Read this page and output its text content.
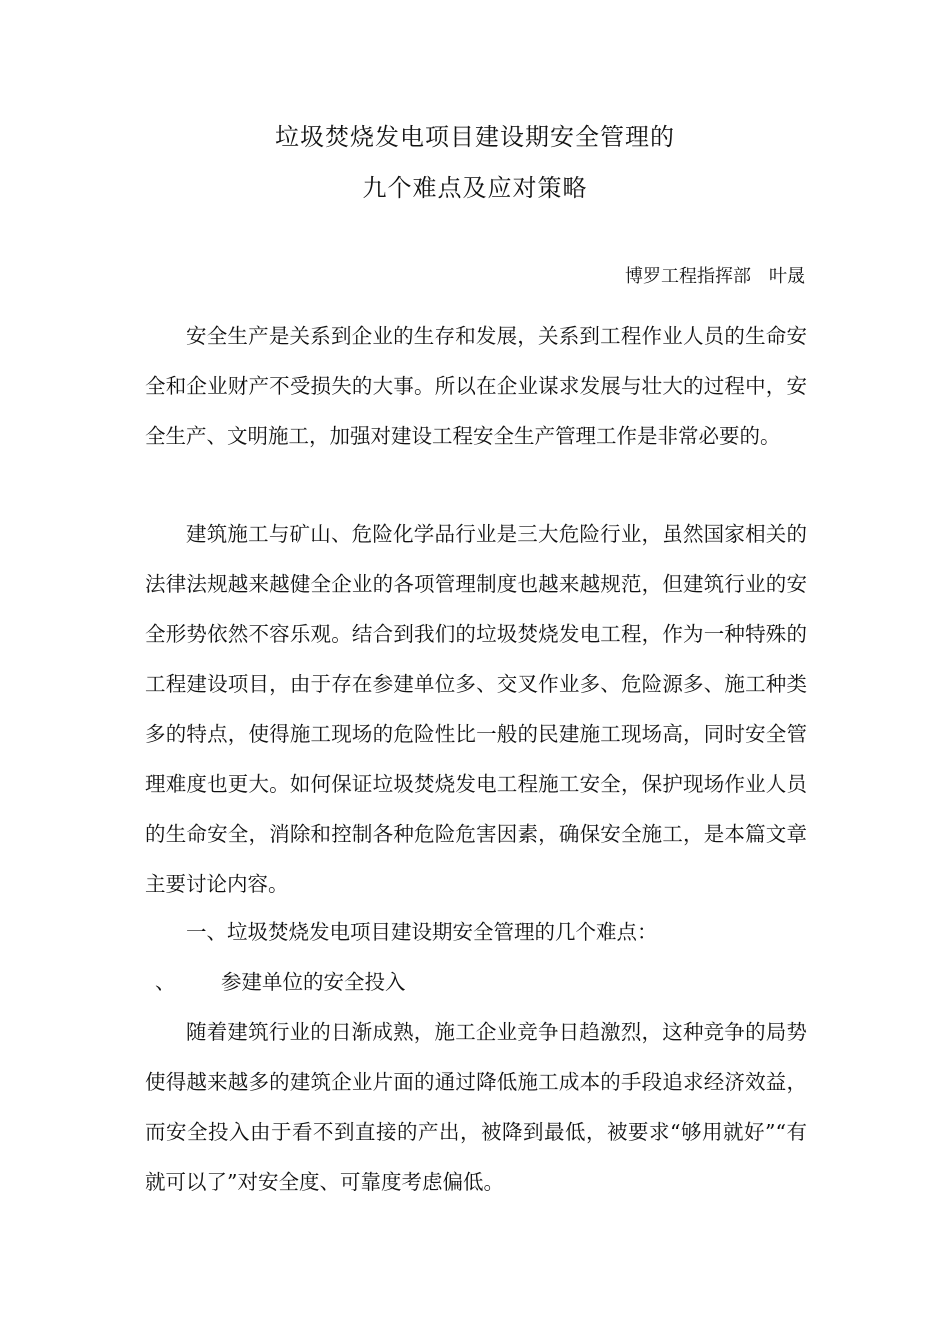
垃圾焚烧发电项目建设期安全管理的
九个难点及应对策略
博罗工程指挥部　叶晟

安全生产是关系到企业的生存和发展，关系到工程作业人员的生命安全和企业财产不受损失的大事。所以在企业谋求发展与壮大的过程中，安全生产、文明施工，加强对建设工程安全生产管理工作是非常必要的。

建筑施工与矿山、危险化学品行业是三大危险行业，虽然国家相关的法律法规越来越健全企业的各项管理制度也越来越规范，但建筑行业的安全形势依然不容乐观。结合到我们的垃圾焚烧发电工程，作为一种特殊的工程建设项目，由于存在参建单位多、交叉作业多、危险源多、施工种类多的特点，使得施工现场的危险性比一般的民建施工现场高，同时安全管理难度也更大。如何保证垃圾焚烧发电工程施工安全，保护现场作业人员的生命安全，消除和控制各种危险危害因素，确保安全施工，是本篇文章主要讨论内容。

一、垃圾焚烧发电项目建设期安全管理的几个难点：
、 参建单位的安全投入

随着建筑行业的日渐成熟，施工企业竞争日趋激烈，这种竞争的局势使得越来越多的建筑企业片面的通过降低施工成本的手段追求经济效益，而安全投入由于看不到直接的产出，被降到最低，被要求“够用就好”“有就可以了”对安全度、可靠度考虑偏低。
